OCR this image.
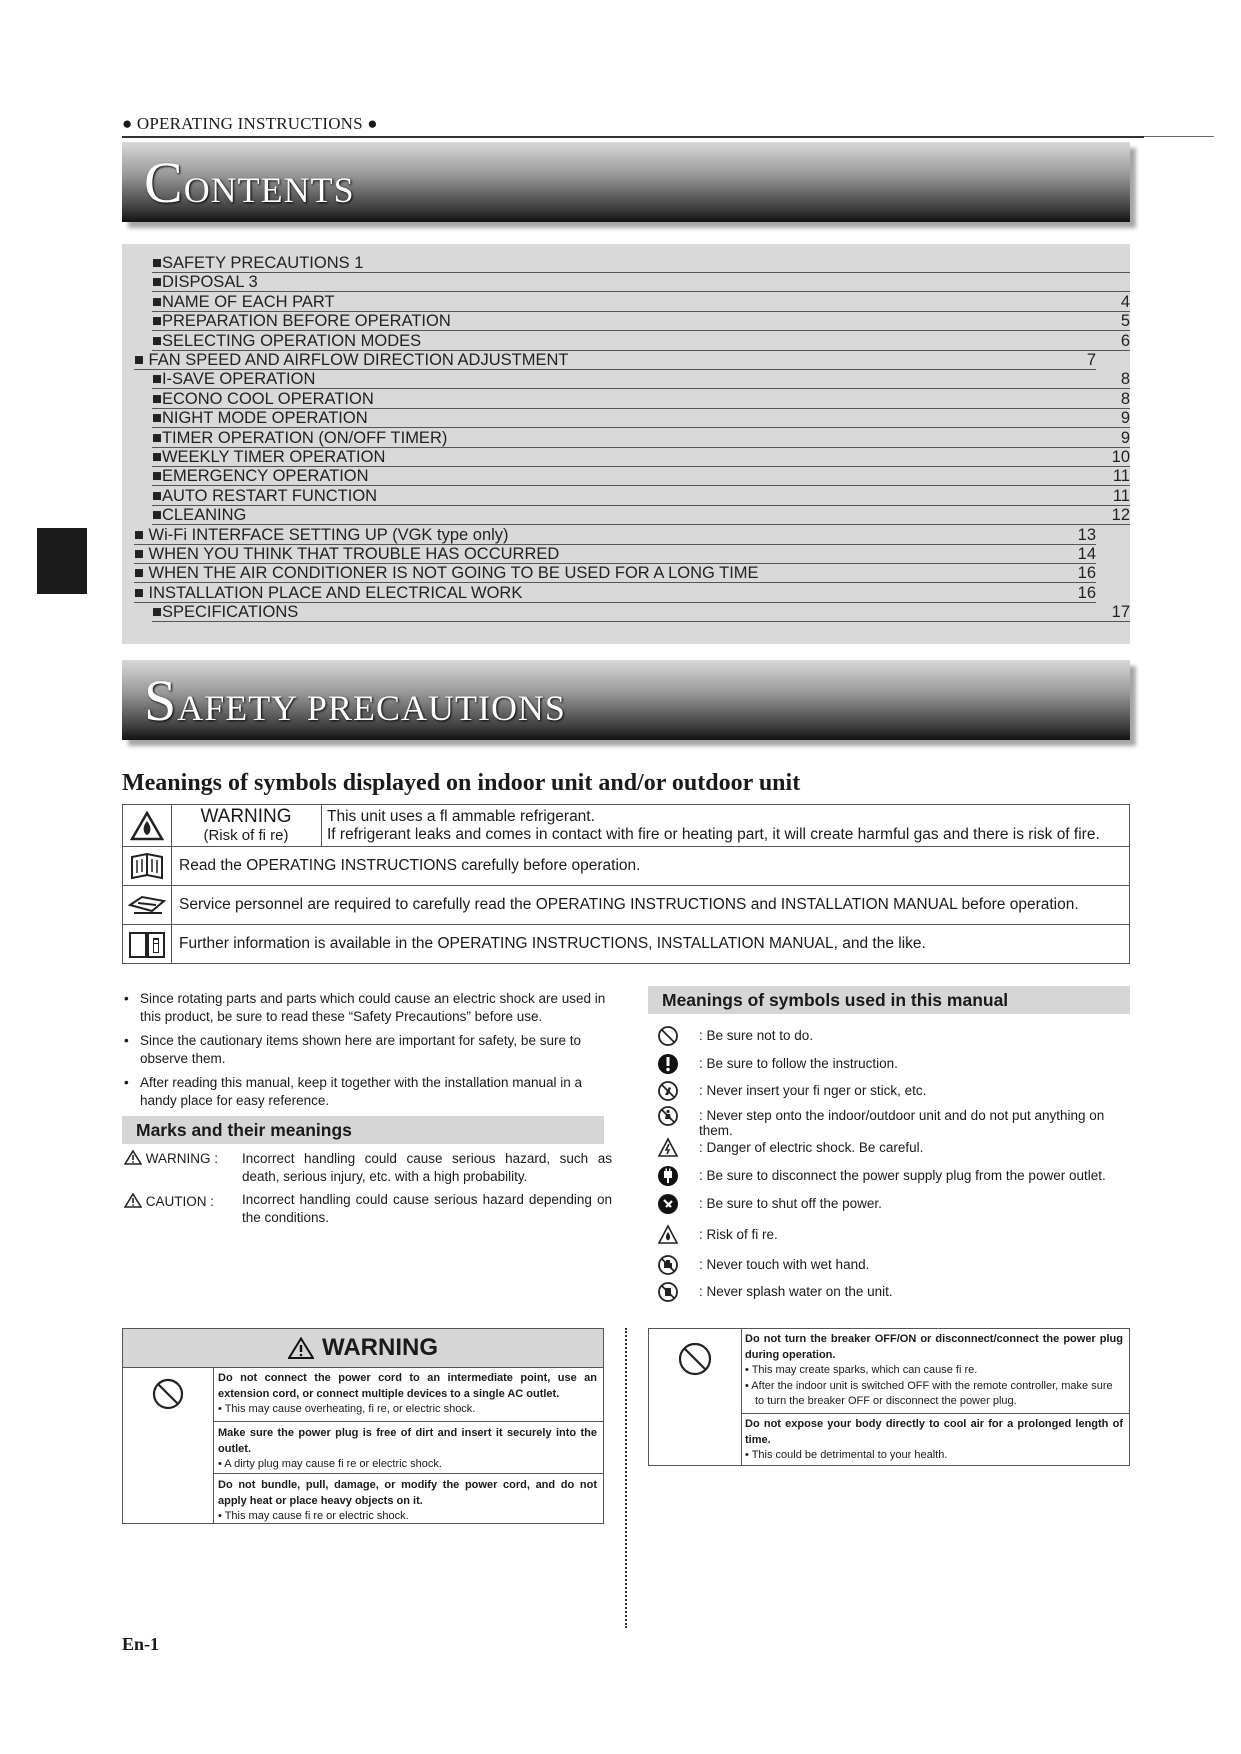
● OPERATING INSTRUCTIONS ●
CONTENTS
■SAFETY PRECAUTIONS 1
■DISPOSAL 3
■NAME OF EACH PART	4
■PREPARATION BEFORE OPERATION	5
■SELECTING OPERATION MODES	6
■ FAN SPEED AND AIRFLOW DIRECTION ADJUSTMENT	7
■I-SAVE OPERATION	8
■ECONO COOL OPERATION	8
■NIGHT MODE OPERATION	9
■TIMER OPERATION (ON/OFF TIMER)	9
■WEEKLY TIMER OPERATION	10
■EMERGENCY OPERATION	11
■AUTO RESTART FUNCTION	11
■CLEANING	12
■ Wi-Fi INTERFACE SETTING UP (VGK type only)	13
■ WHEN YOU THINK THAT TROUBLE HAS OCCURRED	14
■ WHEN THE AIR CONDITIONER IS NOT GOING TO BE USED FOR A LONG TIME	16
■ INSTALLATION PLACE AND ELECTRICAL WORK	16
■SPECIFICATIONS	17
SAFETY PRECAUTIONS
Meanings of symbols displayed on indoor unit and/or outdoor unit
WARNING
(Risk of fi re)
This unit uses a fl ammable refrigerant.
If refrigerant leaks and comes in contact with fire or heating part, it will create harmful gas and there is risk of fire.
Read the OPERATING INSTRUCTIONS carefully before operation.
Service personnel are required to carefully read the OPERATING INSTRUCTIONS and INSTALLATION MANUAL before operation.
Further information is available in the OPERATING INSTRUCTIONS, INSTALLATION MANUAL, and the like.
• Since rotating parts and parts which could cause an electric shock are used in this product, be sure to read these “Safety Precautions” before use.
• Since the cautionary items shown here are important for safety, be sure to observe them.
• After reading this manual, keep it together with the installation manual in a handy place for easy reference.
Marks and their meanings
WARNING : Incorrect handling could cause serious hazard, such as death, serious injury, etc. with a high probability.
CAUTION : Incorrect handling could cause serious hazard depending on the conditions.
Meanings of symbols used in this manual
: Be sure not to do.
: Be sure to follow the instruction.
: Never insert your fi nger or stick, etc.
: Never step onto the indoor/outdoor unit and do not put anything on them.
: Danger of electric shock. Be careful.
: Be sure to disconnect the power supply plug from the power outlet.
: Be sure to shut off the power.
: Risk of fi re.
: Never touch with wet hand.
: Never splash water on the unit.
WARNING
Do not connect the power cord to an intermediate point, use an extension cord, or connect multiple devices to a single AC outlet.
• This may cause overheating, fi re, or electric shock.
Make sure the power plug is free of dirt and insert it securely into the outlet.
• A dirty plug may cause fi re or electric shock.
Do not bundle, pull, damage, or modify the power cord, and do not apply heat or place heavy objects on it.
• This may cause fi re or electric shock.
Do not turn the breaker OFF/ON or disconnect/connect the power plug during operation.
• This may create sparks, which can cause fi re.
• After the indoor unit is switched OFF with the remote controller, make sure to turn the breaker OFF or disconnect the power plug.
Do not expose your body directly to cool air for a prolonged length of time.
• This could be detrimental to your health.
En-1
